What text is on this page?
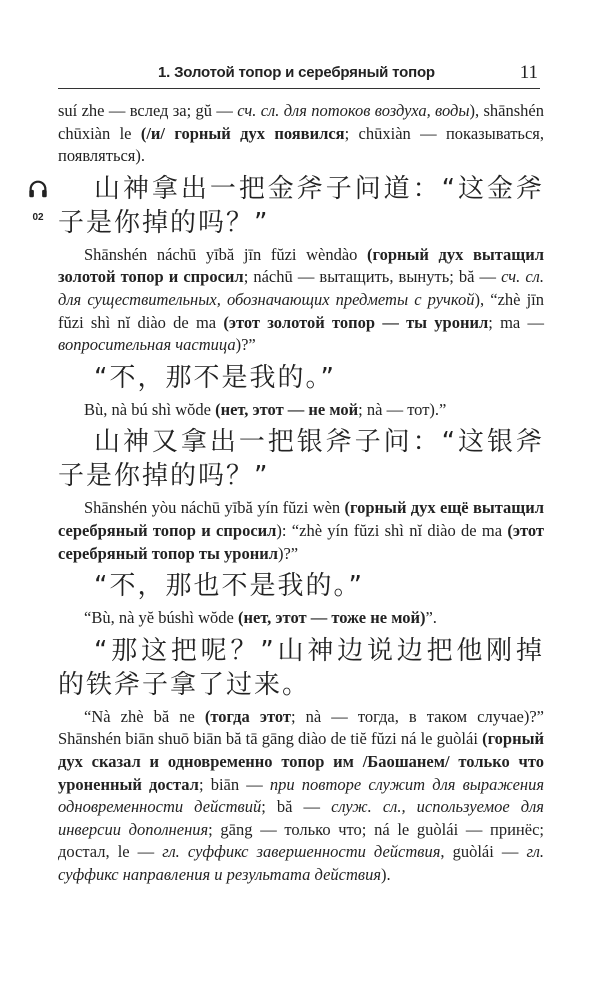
1. Золотой топор и серебряный топор	11

suí zhe — вслед за; gŭ — сч. сл. для потоков воздуха, воды), shānshén chūxiàn le (/и/ горный дух появился; chūxiàn — показываться, появляться).

02

山神拿出一把金斧子问道：“这金斧子是你掉的吗？”

Shānshén náchū yībă jīn fŭzi wèndào (горный дух вытащил золотой топор и спросил; náchū — вытащить, вынуть; bă — сч. сл. для существительных, обозначающих предметы с ручкой), “zhè jīn fŭzi shì nĭ diào de ma (этот золотой топор — ты уронил; ma — вопросительная частица)?”

“不，那不是我的。”

Bù, nà bú shì wŏde (нет, этот — не мой; nà — тот).”

山神又拿出一把银斧子问：“这银斧子是你掉的吗？”

Shānshén yòu náchū yībă yín fŭzi wèn (горный дух ещё вытащил серебряный топор и спросил): “zhè yín fŭzi shì nĭ diào de ma (этот серебряный топор ты уронил)?”

“不，那也不是我的。”

“Bù, nà yĕ búshì wŏde (нет, этот — тоже не мой)”.

“那这把呢？”山神边说边把他刚掉的铁斧子拿了过来。

“Nà zhè bă ne (тогда этот; nà — тогда, в таком случае)?” Shānshén biān shuō biān bă tā gāng diào de tiĕ fŭzi ná le guòlái (горный дух сказал и одновременно топор им /Баошанем/ только что уроненный достал; biān — при повторе служит для выражения одновременности действий; bă — служ. сл., используемое для инверсии дополнения; gāng — только что; ná le guòlái — принёс; достал, le — гл. суффикс завершенности действия, guòlái — гл. суффикс направления и результата действия).
